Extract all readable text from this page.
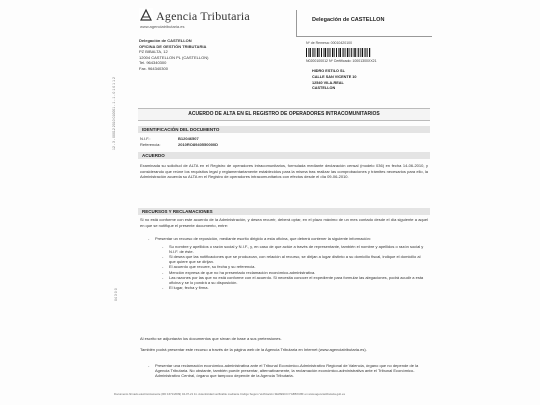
Agencia Tributaria
www.agenciatributaria.es
Delegación de CASTELLON
Delegación de CASTELLON
OFICINA DE GESTIÓN TRIBUTARIA
PZ BIBALTA, 12
12004 CASTELLON PL (CASTELLON)
Tel. 964340300
Fax. 964340300
Nº de Remesa: 00010420100
N0200100012 Nº Certificado: 10001300XX21
HIDRO ESTILO SL
CALLE SAN VICENTE 10
12540 VILA-REAL
CASTELLON
12 - 3 - 00012 2010 010001 - 1 - 1 - 0 1 0 1 1 2
04 3 0 0
ACUERDO DE ALTA EN EL REGISTRO DE OPERADORES INTRACOMUNITARIOS
IDENTIFICACIÓN DEL DOCUMENTO
N.I.F.:	B12046507
Referencia:	2010RO8940550000D
ACUERDO
Examinada su solicitud de ALTA en el Registro de operadores intracomunitarios, formulada mediante declaración censal (modelo 036) en fecha 14-06-2010, y considerando que reúne los requisitos legal y reglamentariamente establecidos para la misma tras realizar las comprobaciones y trámites necesarios para ello, la Administración acuerda su ALTA en el Registro de operadores intracomunitarios con efectos desde el día 09-06-2010.
RECURSOS Y RECLAMACIONES
Si no está conforme con este acuerdo de la Administración, y desea recurrir, deberá optar, en el plazo máximo de un mes contado desde el día siguiente a aquel en que se notifique el presente documento, entre:
- Presentar un recurso de reposición, mediante escrito dirigido a esta oficina, que deberá contener la siguiente información:
- Su nombre y apellidos o razón social y N.I.F., y, en caso de que actúe a través de representante, también el nombre y apellidos o razón social y N.I.F. de éste.
- Si desea que las notificaciones que se produzcan, con relación al recurso, se dirijan a lugar distinto a su domicilio fiscal, indique el domicilio al que quiere que se dirijan.
- El acuerdo que recurre, su fecha y su referencia.
- Mención expresa de que no ha presentado reclamación económico-administrativa.
- Las razones por las que no está conforme con el acuerdo. Si necesita conocer el expediente para formular las alegaciones, podrá acudir a esta oficina y se lo pondrá a su disposición.
- El lugar, fecha y firma.
Al escrito se adjuntarán los documentos que sirvan de base a sus pretensiones.
También podrá presentar este recurso a través de la página web de la Agencia Tributaria en Internet (www.agenciatributaria.es).
- Presentar una reclamación económico-administrativa ante el Tribunal Económico-Administrativo Regional de Valencia, órgano que no depende de la Agencia Tributaria. No obstante, también puede presentar, alternativamente, la reclamación económico-administrativa ante el Tribunal Económico-Administrativo Central, órgano que tampoco depende de la Agencia Tributaria.
Documento firmado electrónicamente (RD 1671/2009) 04-07-21 11. Autenticidad verificable mediante Código Seguro Verificación 3EWE9CC/YGB5XUBF en www.agenciatributaria.gob.es
